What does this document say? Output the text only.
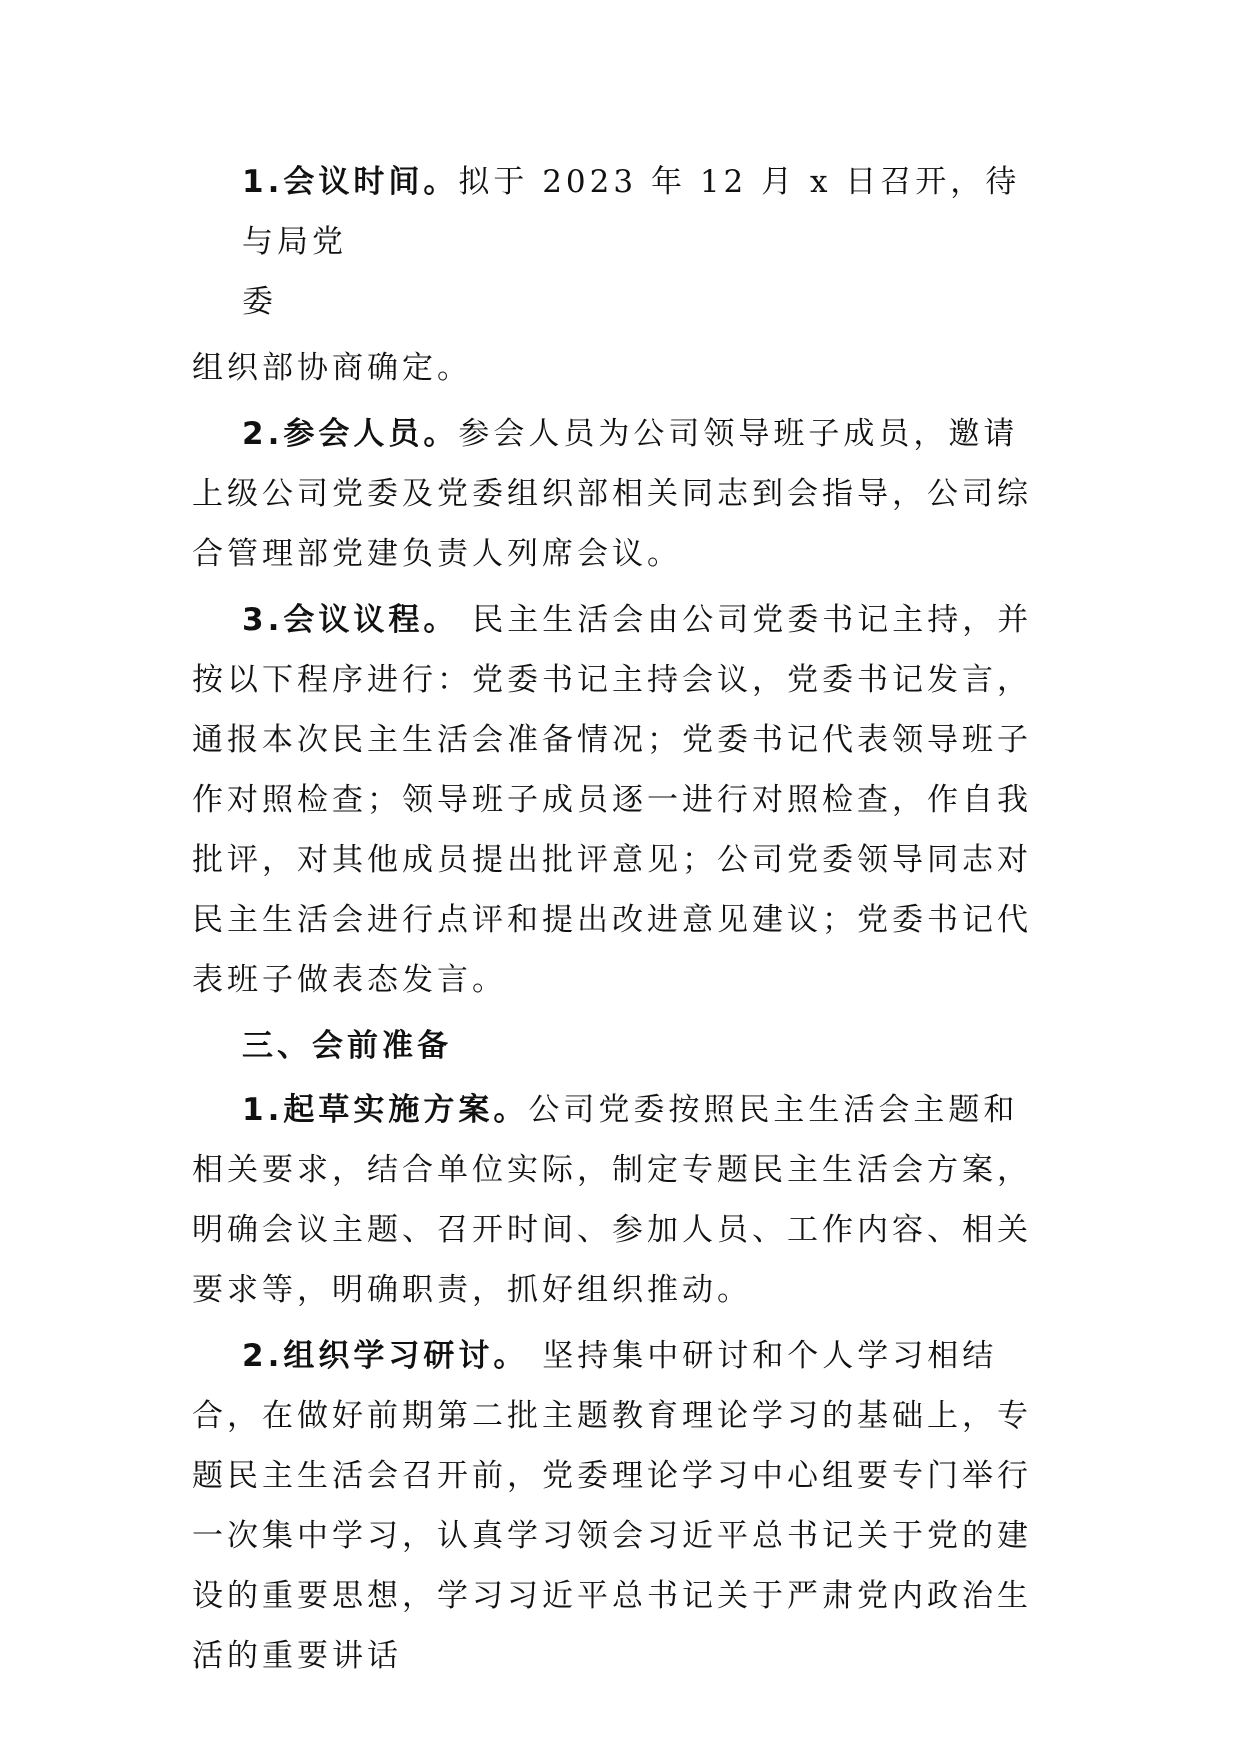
1.会议时间。拟于 2023 年 12 月 x 日召开，待与局党
委
组织部协商确定。

2.参会人员。参会人员为公司领导班子成员，邀请上级公司党委及党委组织部相关同志到会指导，公司综合管理部党建负责人列席会议。

3.会议议程。 民主生活会由公司党委书记主持，并按以下程序进行：党委书记主持会议，党委书记发言，通报本次民主生活会准备情况；党委书记代表领导班子作对照检查；领导班子成员逐一进行对照检查，作自我批评，对其他成员提出批评意见；公司党委领导同志对民主生活会进行点评和提出改进意见建议；党委书记代表班子做表态发言。

三、会前准备

1.起草实施方案。公司党委按照民主生活会主题和相关要求，结合单位实际，制定专题民主生活会方案，明确会议主题、召开时间、参加人员、工作内容、相关要求等，明确职责，抓好组织推动。

2.组织学习研讨。 坚持集中研讨和个人学习相结合，在做好前期第二批主题教育理论学习的基础上，专题民主生活会召开前，党委理论学习中心组要专门举行一次集中学习，认真学习领会习近平总书记关于党的建设的重要思想，学习习近平总书记关于严肃党内政治生活的重要讲话
